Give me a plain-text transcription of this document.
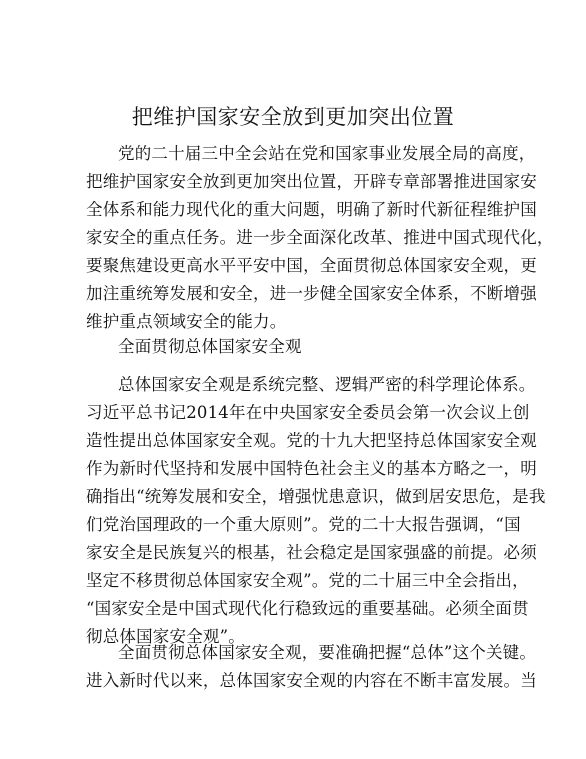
把维护国家安全放到更加突出位置
党的二十届三中全会站在党和国家事业发展全局的高度，
把维护国家安全放到更加突出位置，开辟专章部署推进国家安
全体系和能力现代化的重大问题，明确了新时代新征程维护国
家安全的重点任务。进一步全面深化改革、推进中国式现代化，
要聚焦建设更高水平平安中国，全面贯彻总体国家安全观，更
加注重统筹发展和安全，进一步健全国家安全体系，不断增强
维护重点领域安全的能力。
全面贯彻总体国家安全观
总体国家安全观是系统完整、逻辑严密的科学理论体系。
习近平总书记2014年在中央国家安全委员会第一次会议上创
造性提出总体国家安全观。党的十九大把坚持总体国家安全观
作为新时代坚持和发展中国特色社会主义的基本方略之一，明
确指出“统筹发展和安全，增强忧患意识，做到居安思危，是我
们党治国理政的一个重大原则”。党的二十大报告强调，“国
家安全是民族复兴的根基，社会稳定是国家强盛的前提。必须
坚定不移贯彻总体国家安全观”。党的二十届三中全会指出，
“国家安全是中国式现代化行稳致远的重要基础。必须全面贯
彻总体国家安全观”。
全面贯彻总体国家安全观，要准确把握“总体”这个关键。
进入新时代以来，总体国家安全观的内容在不断丰富发展。当
